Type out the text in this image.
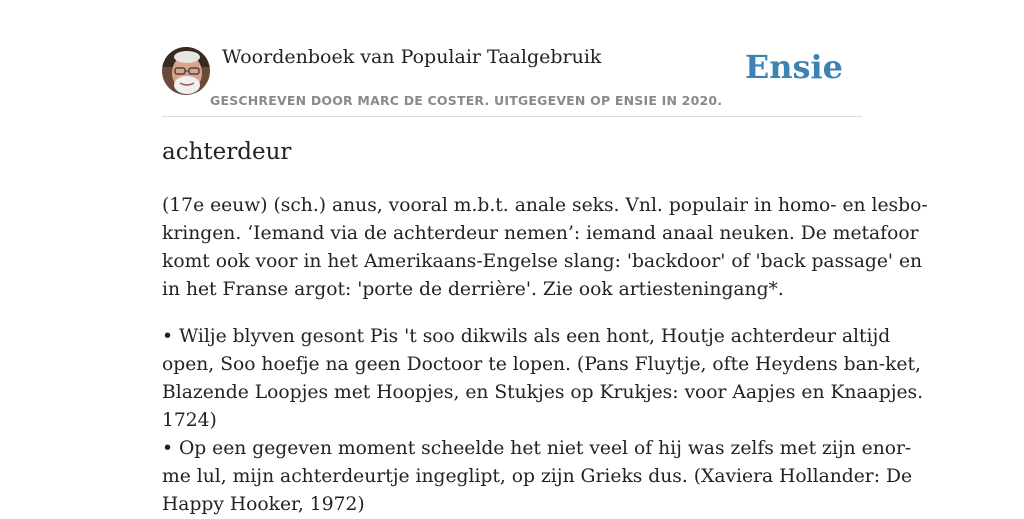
Woordenboek van Populair Taalgebruik
GESCHREVEN DOOR MARC DE COSTER. UITGEGEVEN OP ENSIE IN 2020.
Ensie
achterdeur

(17e eeuw) (sch.) anus, vooral m.b.t. anale seks. Vnl. populair in homo- en lesbo-
kringen. ‘Iemand via de achterdeur nemen’: iemand anaal neuken. De metafoor
komt ook voor in het Amerikaans-Engelse slang: 'backdoor' of 'back passage' en
in het Franse argot: 'porte de derrière'. Zie ook artiesteningang*.

• Wilje blyven gesont Pis 't soo dikwils als een hont, Houtje achterdeur altijd
open, Soo hoefje na geen Doctoor te lopen. (Pans Fluytje, ofte Heydens ban-ket,
Blazende Loopjes met Hoopjes, en Stukjes op Krukjes: voor Aapjes en Knaapjes.
1724)
• Op een gegeven moment scheelde het niet veel of hij was zelfs met zijn enor-
me lul, mijn achterdeurtje ingeglipt, op zijn Grieks dus. (Xaviera Hollander: De
Happy Hooker, 1972)
